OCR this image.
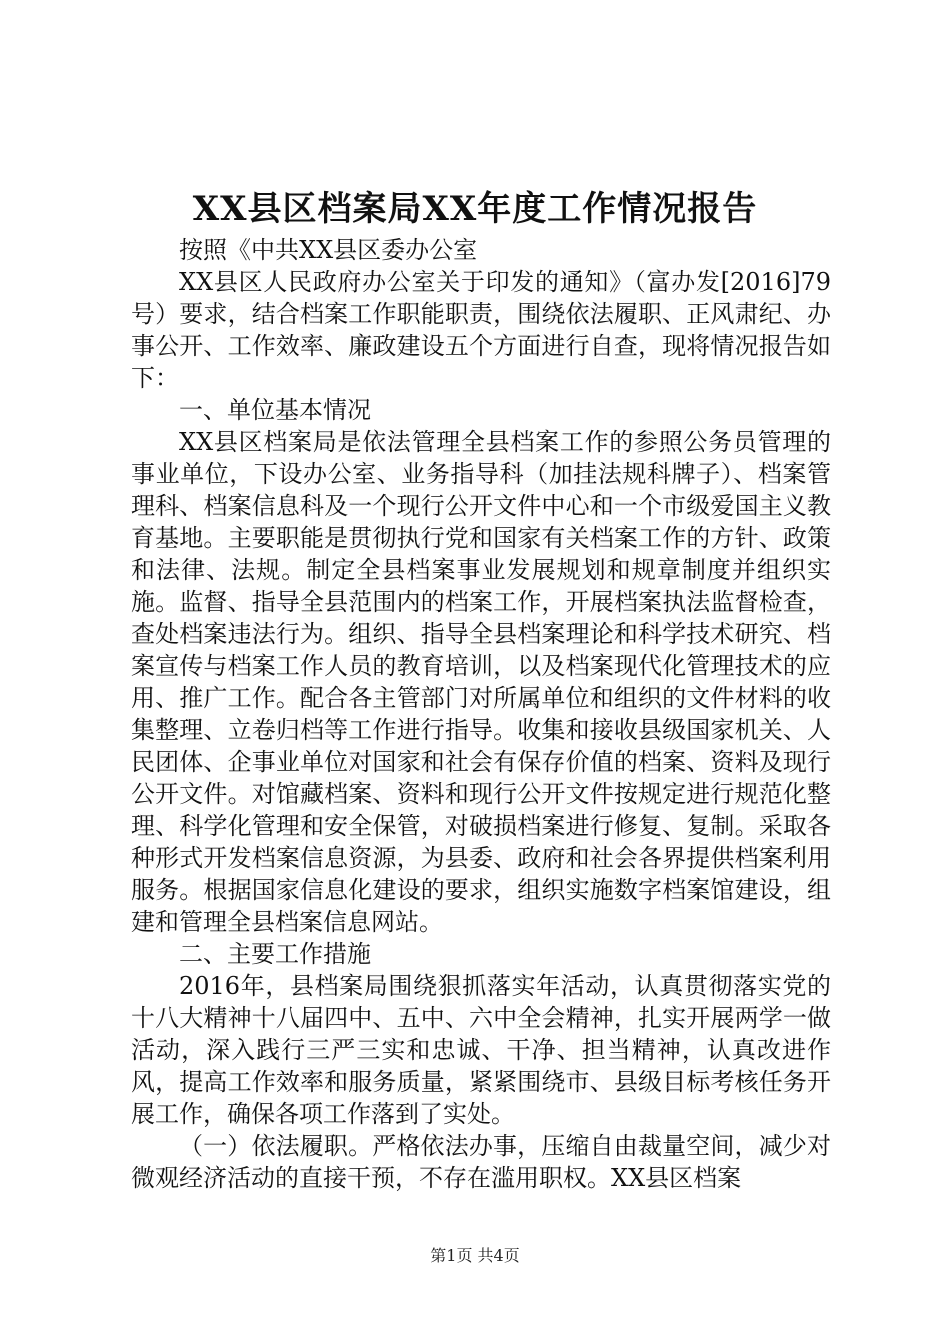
XX县区档案局XX年度工作情况报告

按照《中共XX县区委办公室

XX县区人民政府办公室关于印发的通知》（富办发[2016]79号）要求，结合档案工作职能职责，围绕依法履职、正风肃纪、办事公开、工作效率、廉政建设五个方面进行自查，现将情况报告如下：

一、单位基本情况

XX县区档案局是依法管理全县档案工作的参照公务员管理的事业单位，下设办公室、业务指导科（加挂法规科牌子）、档案管理科、档案信息科及一个现行公开文件中心和一个市级爱国主义教育基地。主要职能是贯彻执行党和国家有关档案工作的方针、政策和法律、法规。制定全县档案事业发展规划和规章制度并组织实施。监督、指导全县范围内的档案工作，开展档案执法监督检查，查处档案违法行为。组织、指导全县档案理论和科学技术研究、档案宣传与档案工作人员的教育培训，以及档案现代化管理技术的应用、推广工作。配合各主管部门对所属单位和组织的文件材料的收集整理、立卷归档等工作进行指导。收集和接收县级国家机关、人民团体、企事业单位对国家和社会有保存价值的档案、资料及现行公开文件。对馆藏档案、资料和现行公开文件按规定进行规范化整理、科学化管理和安全保管，对破损档案进行修复、复制。采取各种形式开发档案信息资源，为县委、政府和社会各界提供档案利用服务。根据国家信息化建设的要求，组织实施数字档案馆建设，组建和管理全县档案信息网站。

二、主要工作措施

2016年，县档案局围绕狠抓落实年活动，认真贯彻落实党的十八大精神十八届四中、五中、六中全会精神，扎实开展两学一做活动，深入践行三严三实和忠诚、干净、担当精神，认真改进作风，提高工作效率和服务质量，紧紧围绕市、县级目标考核任务开展工作，确保各项工作落到了实处。

（一）依法履职。严格依法办事，压缩自由裁量空间，减少对微观经济活动的直接干预，不存在滥用职权。XX县区档案

第1页 共4页
